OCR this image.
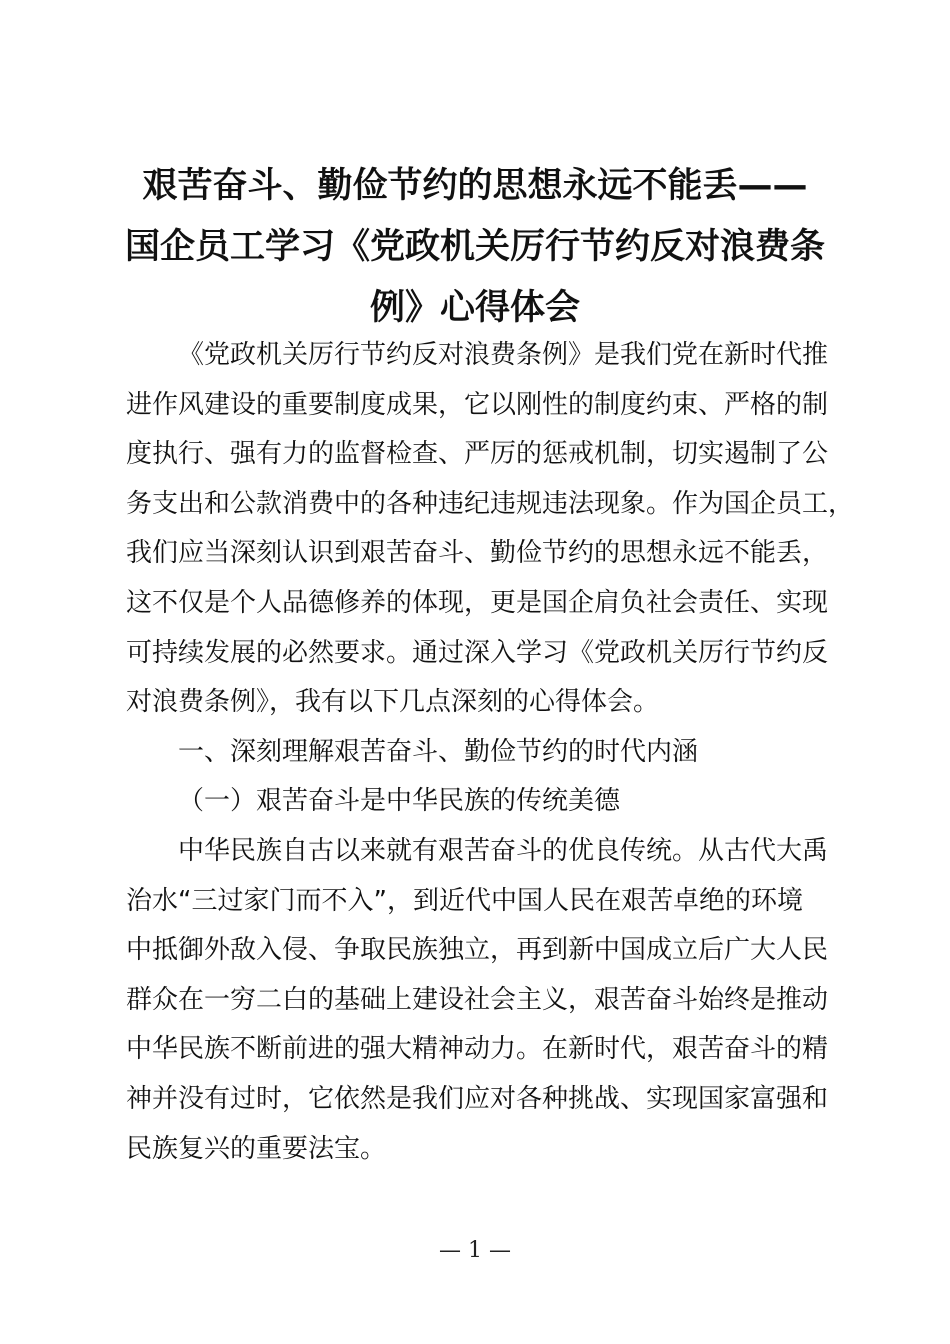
艰苦奋斗、勤俭节约的思想永远不能丢——
国企员工学习《党政机关厉行节约反对浪费条
例》心得体会
《党政机关厉行节约反对浪费条例》是我们党在新时代推
进作风建设的重要制度成果，它以刚性的制度约束、严格的制
度执行、强有力的监督检查、严厉的惩戒机制，切实遏制了公
务支出和公款消费中的各种违纪违规违法现象。作为国企员工，
我们应当深刻认识到艰苦奋斗、勤俭节约的思想永远不能丢，
这不仅是个人品德修养的体现，更是国企肩负社会责任、实现
可持续发展的必然要求。通过深入学习《党政机关厉行节约反
对浪费条例》，我有以下几点深刻的心得体会。
一、深刻理解艰苦奋斗、勤俭节约的时代内涵
（一）艰苦奋斗是中华民族的传统美德
中华民族自古以来就有艰苦奋斗的优良传统。从古代大禹
治水“三过家门而不入”，到近代中国人民在艰苦卓绝的环境
中抵御外敌入侵、争取民族独立，再到新中国成立后广大人民
群众在一穷二白的基础上建设社会主义，艰苦奋斗始终是推动
中华民族不断前进的强大精神动力。在新时代，艰苦奋斗的精
神并没有过时，它依然是我们应对各种挑战、实现国家富强和
民族复兴的重要法宝。
— 1 —
